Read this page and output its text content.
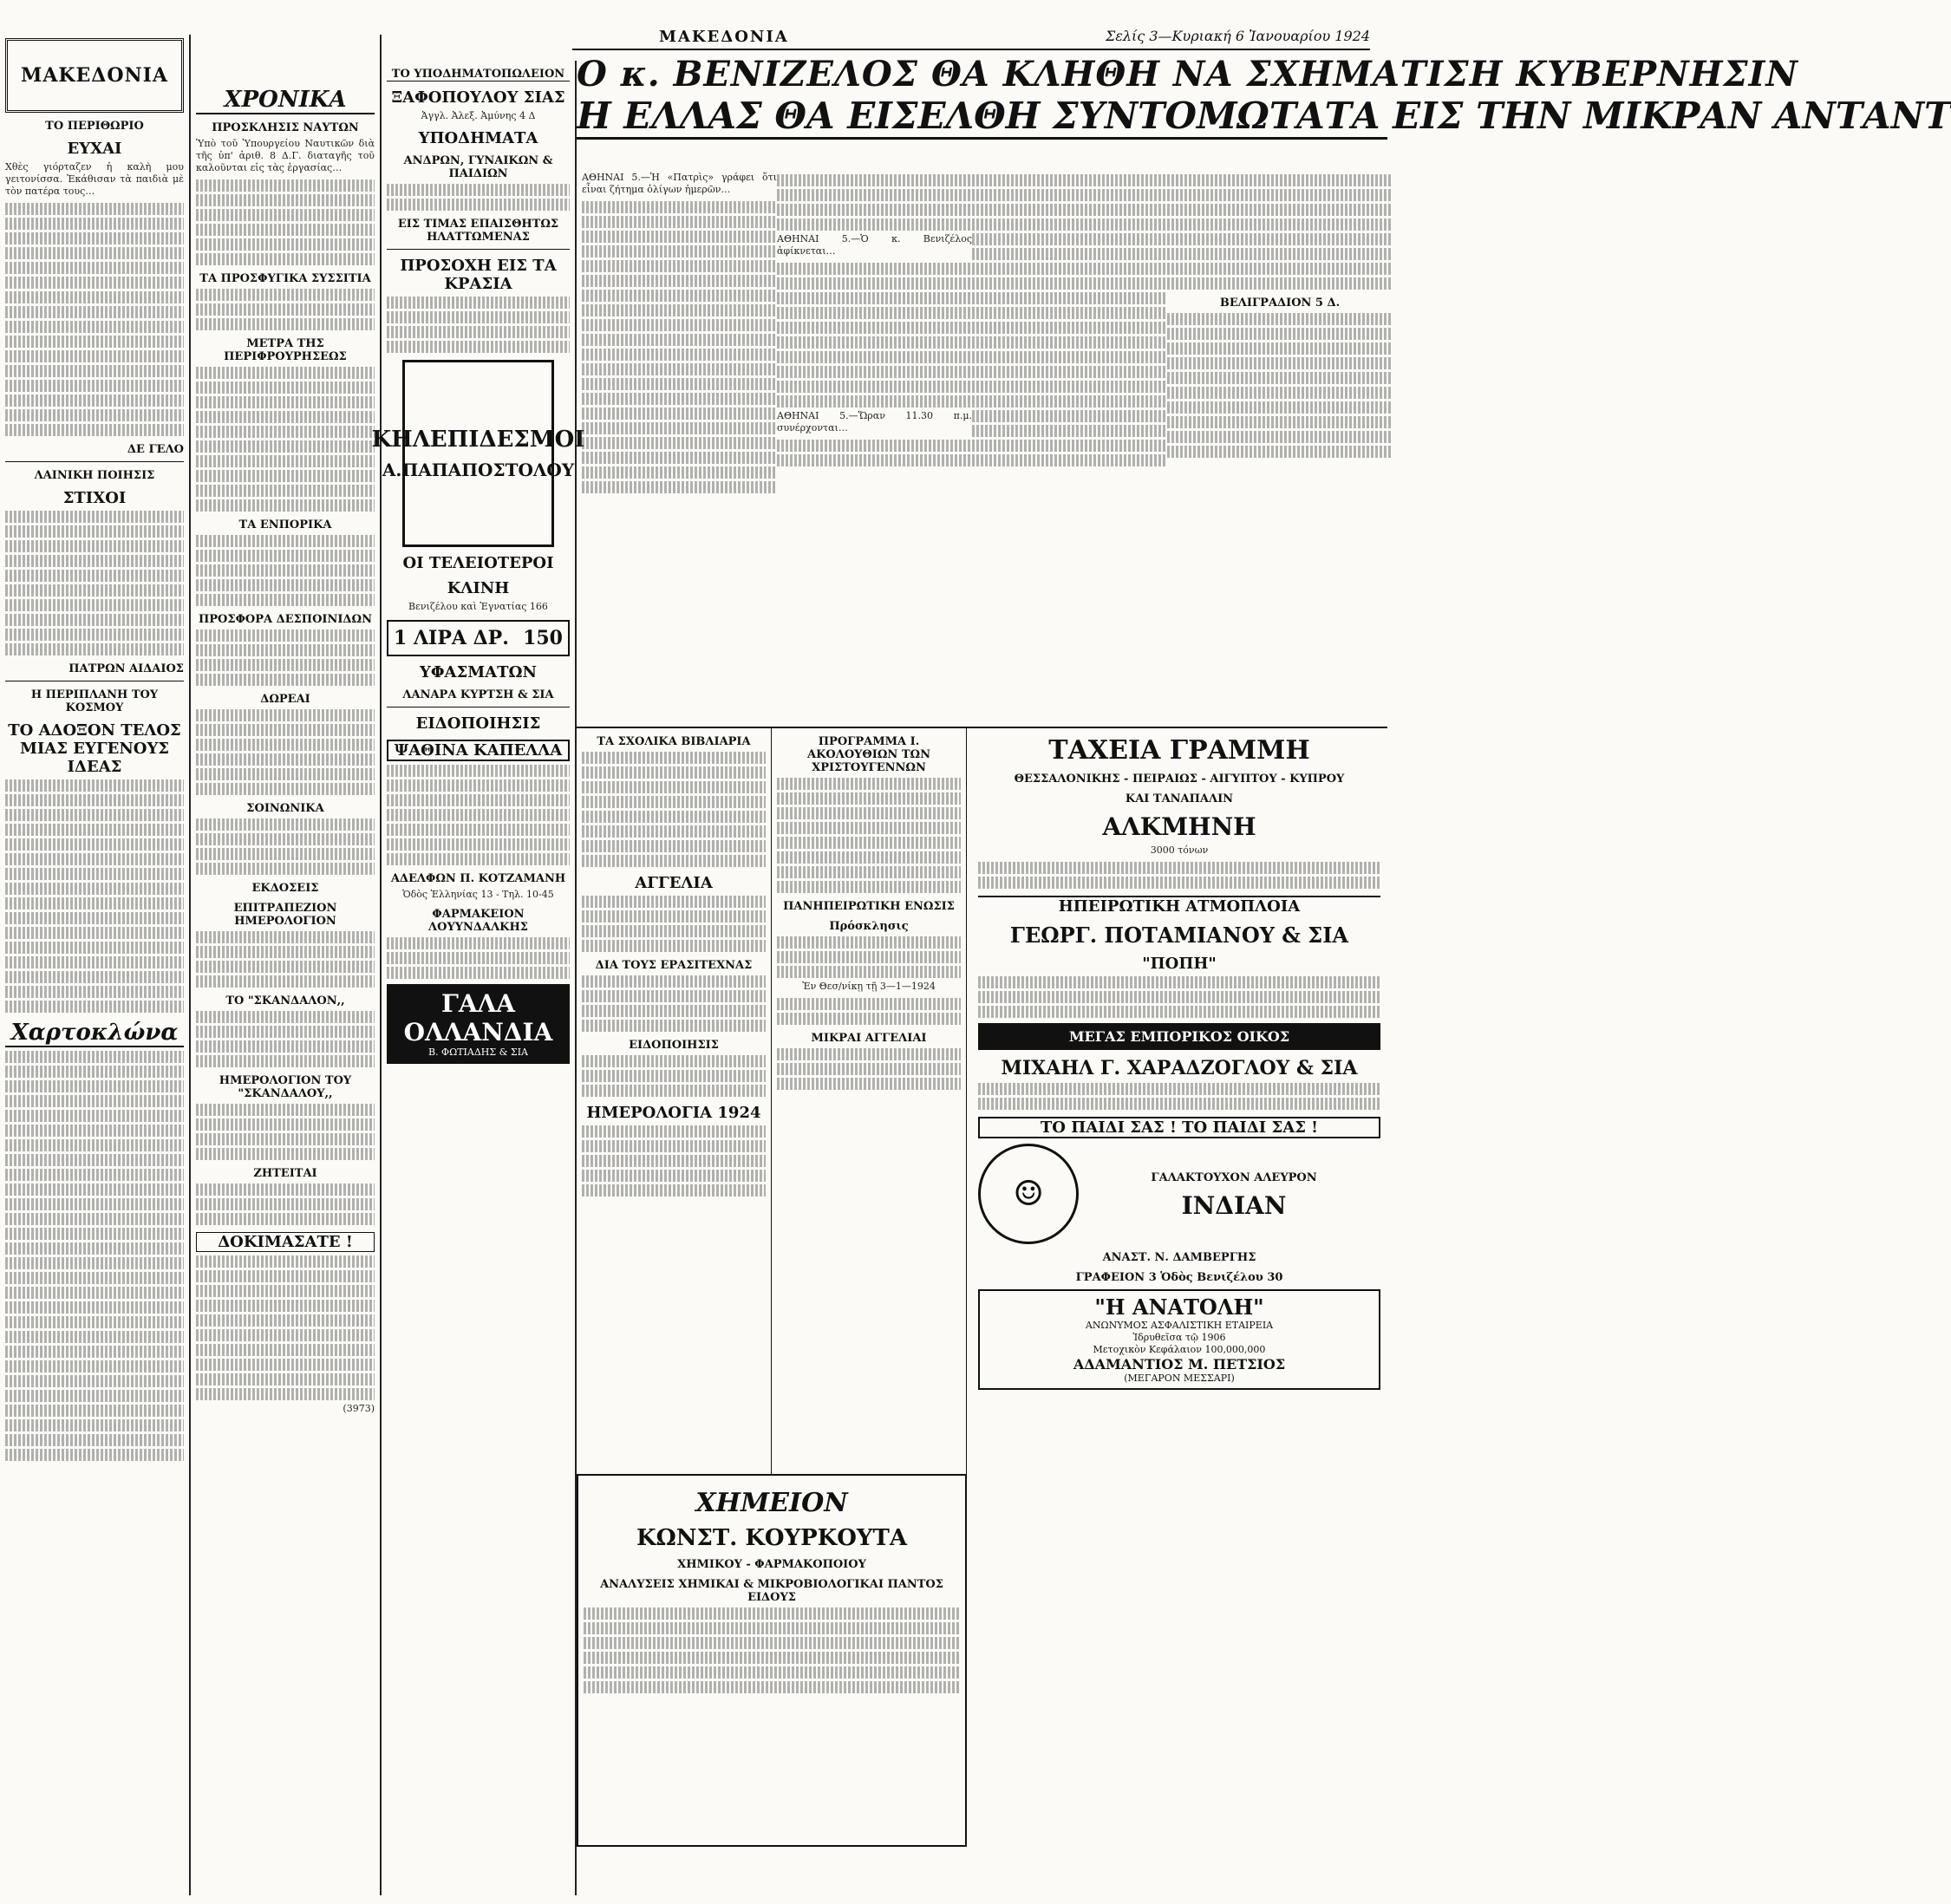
ΜΑΚΕΔΟΝΙΑ	Σελίς 3—Κυριακή 6 Ἰανουαρίου 1924
ΜΑΚΕΔΟΝΙΑ
ΤΟ ΠΕΡΙΘΩΡΙΟ
ΕΥΧΑΙ

Χθὲς γιόρταζεν ἡ καλὴ μου γειτονίσσα. Ἐκάθισαν τὰ παιδιὰ μὲ τὸν πατέρα τους…

ΔΕ ΓΕΛΟ
ΛΑΙΝΙΚΗ ΠΟΙΗΣΙΣ
ΣΤΙΧΟΙ
ΠΑΤΡΩΝ ΑΙΔΑΙΟΣ
Η ΠΕΡΙΠΛΑΝΗ ΤΟΥ ΚΟΣΜΟΥ
ΤΟ ΑΔΟΞΟΝ ΤΕΛΟΣ ΜΙΑΣ ΕΥΓΕΝΟΥΣ ΙΔΕΑΣ
Χαρτοκλώνα
ΧΡΟΝΙΚΑ
ΠΡΟΣΚΛΗΣΙΣ ΝΑΥΤΩΝ

Ὑπὸ τοῦ Ὑπουργείου Ναυτικῶν διὰ τῆς ὑπ' ἀριθ. 8 Δ.Γ. διαταγῆς τοῦ καλοῦνται εἰς τὰς ἐργασίας…

ΤΑ ΠΡΟΣΦΥΓΙΚΑ ΣΥΣΣΙΤΙΑ
ΜΕΤΡΑ ΤΗΣ ΠΕΡΙΦΡΟΥΡΗΣΕΩΣ
ΤΑ ΕΝΠΟΡΙΚΑ
ΠΡΟΣΦΟΡΑ ΔΕΣΠΟΙΝΙΔΩΝ
ΔΩΡΕΑΙ
ΣΟΙΝΩΝΙΚΑ
ΕΚΔΟΣΕΙΣ
ΕΠΙΤΡΑΠΕΖΙΟΝ ΗΜΕΡΟΛΟΓΙΟΝ
ΤΟ "ΣΚΑΝΔΑΛΟΝ,,
ΗΜΕΡΟΛΟΓΙΟΝ ΤΟΥ "ΣΚΑΝΔΑΛΟΥ,,
ΖΗΤΕΙΤΑΙ
ΔΟΚΙΜΑΣΑΤΕ !
(3973)
ΤΟ ΥΠΟΔΗΜΑΤΟΠΩΛΕΙΟΝ
ΞΑΦΟΠΟΥΛΟΥ ΣΙΑΣ
Ἀγγλ. Ἀλεξ. Ἀμύνης 4 Δ
ΥΠΟΔΗΜΑΤΑ
ΑΝΔΡΩΝ, ΓΥΝΑΙΚΩΝ & ΠΑΙΔΙΩΝ
ΕΙΣ ΤΙΜΑΣ ΕΠΑΙΣΘΗΤΩΣ ΗΛΑΤΤΩΜΕΝΑΣ
ΠΡΟΣΟΧΗ ΕΙΣ ΤΑ ΚΡΑΣΙΑ
ΚΗΛΕΠΙΔΕΣΜΟΙ
Α.ΠΑΠΑΠΟΣΤΟΛΟΥ
ΟΙ ΤΕΛΕΙΟΤΕΡΟΙ
ΚΛΙΝΗ
Βενιζέλου καὶ Ἐγνατίας 166
1 ΛΙΡΑ ΔΡ. 150
ΥΦΑΣΜΑΤΩΝ
ΛΑΝΑΡΑ ΚΥΡΤΣΗ & ΣΙΑ
ΕΙΔΟΠΟΙΗΣΙΣ
ΨΑΘΙΝΑ ΚΑΠΕΛΛΑ
ΑΔΕΛΦΩΝ Π. ΚΟΤΖΑΜΑΝΗ
Ὁδὸς Ἑλληνίας 13 - Τηλ. 10-45
ΦΑΡΜΑΚΕΙΟΝ ΛΟΥΥΝΔΑΛΚΗΣ
ΓΑΛΑ ΟΛΛΑΝΔΙΑ
Β. ΦΩΤΙΑΔΗΣ & ΣΙΑ
Ο κ. ΒΕΝΙΖΕΛΟΣ ΘΑ ΚΛΗΘΗ ΝΑ ΣΧΗΜΑΤΙΣΗ ΚΥΒΕΡΝΗΣΙΝ
Η ΕΛΛΑΣ ΘΑ ΕΙΣΕΛΘΗ ΣΥΝΤΟΜΩΤΑΤΑ ΕΙΣ ΤΗΝ ΜΙΚΡΑΝ ΑΝΤΑΝΤ

ΑΘΗΝΑΙ 5.—Ἡ «Πατρὶς» γράφει ὅτι εἶναι ζήτημα ὀλίγων ἡμερῶν…

ΑΘΗΝΑΙ 5.—Ὁ κ. Βενιζέλος ἀφίκνεται…

ΑΘΗΝΑΙ 5.—Ὥραν 11.30 π.μ. συνέρχονται…

ΒΕΛΙΓΡΑΔΙΟΝ 5 Δ.
ΤΑ ΣΧΟΛΙΚΑ ΒΙΒΛΙΑΡΙΑ
ΑΓΓΕΛΙΑ
ΔΙΑ ΤΟΥΣ ΕΡΑΣΙΤΕΧΝΑΣ
ΕΙΔΟΠΟΙΗΣΙΣ
ΗΜΕΡΟΛΟΓΙΑ 1924
ΠΡΟΓΡΑΜΜΑ Ι. ΑΚΟΛΟΥΘΙΩΝ ΤΩΝ ΧΡΙΣΤΟΥΓΕΝΝΩΝ
ΠΑΝΗΠΕΙΡΩΤΙΚΗ ΕΝΩΣΙΣ
Πρόσκλησις
Ἐν Θεσ/νίκῃ τῇ 3—1—1924
ΜΙΚΡΑΙ ΑΓΓΕΛΙΑΙ
ΧΗΜΕΙΟΝ
ΚΩΝΣΤ. ΚΟΥΡΚΟΥΤΑ
ΧΗΜΙΚΟΥ - ΦΑΡΜΑΚΟΠΟΙΟΥ
ΑΝΑΛΥΣΕΙΣ ΧΗΜΙΚΑΙ & ΜΙΚΡΟΒΙΟΛΟΓΙΚΑΙ ΠΑΝΤΟΣ ΕΙΔΟΥΣ
ΤΑΧΕΙΑ ΓΡΑΜΜΗ
ΘΕΣΣΑΛΟΝΙΚΗΣ - ΠΕΙΡΑΙΩΣ - ΑΙΓΥΠΤΟΥ - ΚΥΠΡΟΥ
ΚΑΙ ΤΑΝΑΠΑΛΙΝ
ΑΛΚΜΗΝΗ
3000 τόνων
ΗΠΕΙΡΩΤΙΚΗ ΑΤΜΟΠΛΟΙΑ
ΓΕΩΡΓ. ΠΟΤΑΜΙΑΝΟΥ & ΣΙΑ
"ΠΟΠΗ"
ΜΕΓΑΣ ΕΜΠΟΡΙΚΟΣ ΟΙΚΟΣ
ΜΙΧΑΗΛ Γ. ΧΑΡΑΔΖΟΓΛΟΥ & ΣΙΑ
ΤΟ ΠΑΙΔΙ ΣΑΣ ! ΤΟ ΠΑΙΔΙ ΣΑΣ !
☺	ΓΑΛΑΚΤΟΥΧΟΝ ΑΛΕΥΡΟΝ
ΙΝΔΙΑΝ
ΑΝΑΣΤ. Ν. ΔΑΜΒΕΡΓΗΣ
ΓΡΑΦΕΙΟΝ 3 Ὁδὸς Βενιζέλου 30
"Η ΑΝΑΤΟΛΗ"
ΑΝΩΝΥΜΟΣ ΑΣΦΑΛΙΣΤΙΚΗ ΕΤΑΙΡΕΙΑ
Ἱδρυθεῖσα τῷ 1906
Μετοχικὸν Κεφάλαιον 100,000,000
ΑΔΑΜΑΝΤΙΟΣ Μ. ΠΕΤΣΙΟΣ
(ΜΕΓΑΡΟΝ ΜΕΣΣΑΡΙ)
